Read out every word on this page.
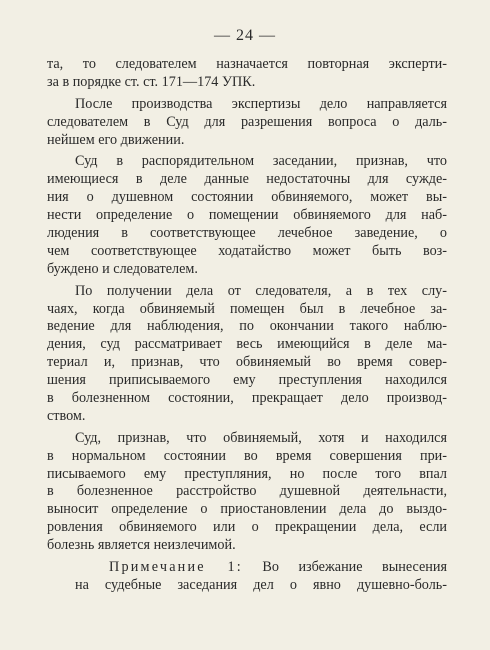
— 24 —
та, то следователем назначается повторная эксперти-
за в порядке ст. ст. 171—174 УПК.
После производства экспертизы дело направляется
следователем в Суд для разрешения вопроса о даль-
нейшем его движении.
Суд в распорядительном заседании, признав, что
имеющиеся в деле данные недостаточны для сужде-
ния о душевном состоянии обвиняемого, может вы-
нести определение о помещении обвиняемого для наб-
людения в соответствующее лечебное заведение, о
чем соответствующее ходатайство может быть воз-
буждено и следователем.
По получении дела от следователя, а в тех слу-
чаях, когда обвиняемый помещен был в лечебное за-
ведение для наблюдения, по окончании такого наблю-
дения, суд рассматривает весь имеющийся в деле ма-
териал и, признав, что обвиняемый во время совер-
шения приписываемого ему преступления находился
в болезненном состоянии, прекращает дело производ-
ством.
Суд, признав, что обвиняемый, хотя и находился
в нормальном состоянии во время совершения при-
писываемого ему преступляния, но после того впал
в болезненное расстройство душевной деятельнасти,
выносит определение о приостановлении дела до выздо-
ровления обвиняемого или о прекращении дела, если
болезнь является неизлечимой.
Примечание 1: Во избежание вынесения
на судебные заседания дел о явно душевно-боль-
